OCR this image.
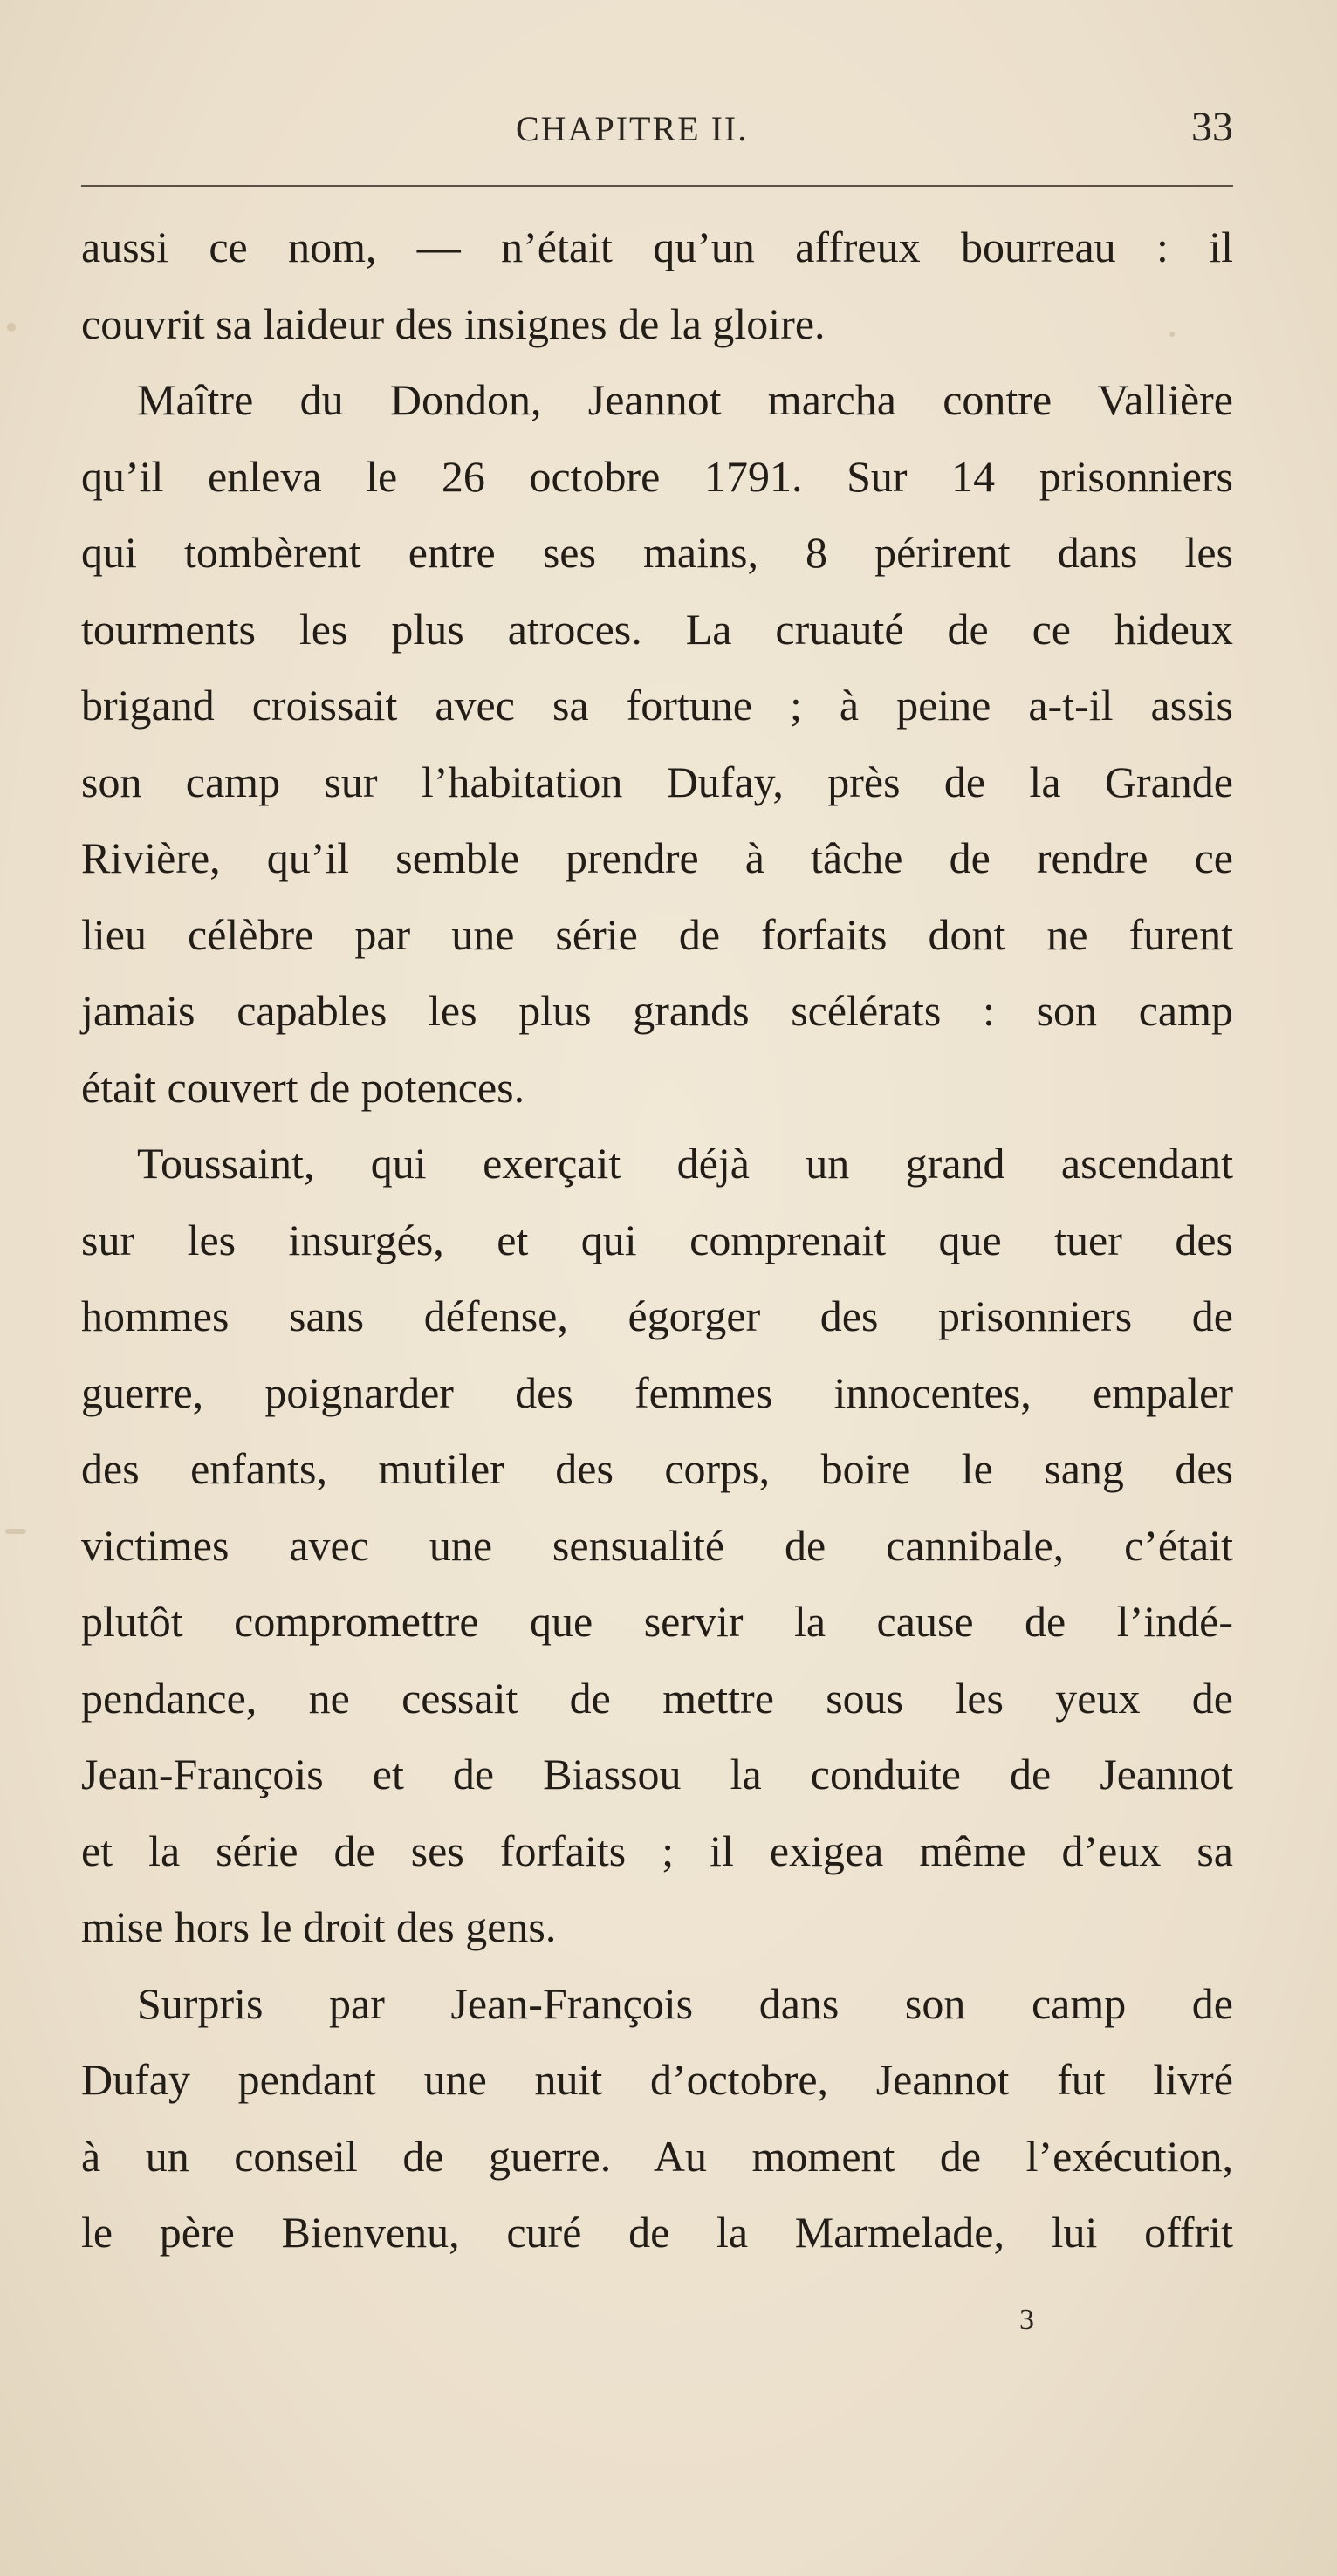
CHAPITRE II.	33
aussi ce nom, — n’était qu’un affreux bourreau : il
couvrit sa laideur des insignes de la gloire.
Maître du Dondon, Jeannot marcha contre Vallière
qu’il enleva le 26 octobre 1791. Sur 14 prisonniers
qui tombèrent entre ses mains, 8 périrent dans les
tourments les plus atroces. La cruauté de ce hideux
brigand croissait avec sa fortune ; à peine a-t-il assis
son camp sur l’habitation Dufay, près de la Grande
Rivière, qu’il semble prendre à tâche de rendre ce
lieu célèbre par une série de forfaits dont ne furent
jamais capables les plus grands scélérats : son camp
était couvert de potences.
Toussaint, qui exerçait déjà un grand ascendant
sur les insurgés, et qui comprenait que tuer des
hommes sans défense, égorger des prisonniers de
guerre, poignarder des femmes innocentes, empaler
des enfants, mutiler des corps, boire le sang des
victimes avec une sensualité de cannibale, c’était
plutôt compromettre que servir la cause de l’indé-
pendance, ne cessait de mettre sous les yeux de
Jean-François et de Biassou la conduite de Jeannot
et la série de ses forfaits ; il exigea même d’eux sa
mise hors le droit des gens.
Surpris par Jean-François dans son camp de
Dufay pendant une nuit d’octobre, Jeannot fut livré
à un conseil de guerre. Au moment de l’exécution,
le père Bienvenu, curé de la Marmelade, lui offrit
3
